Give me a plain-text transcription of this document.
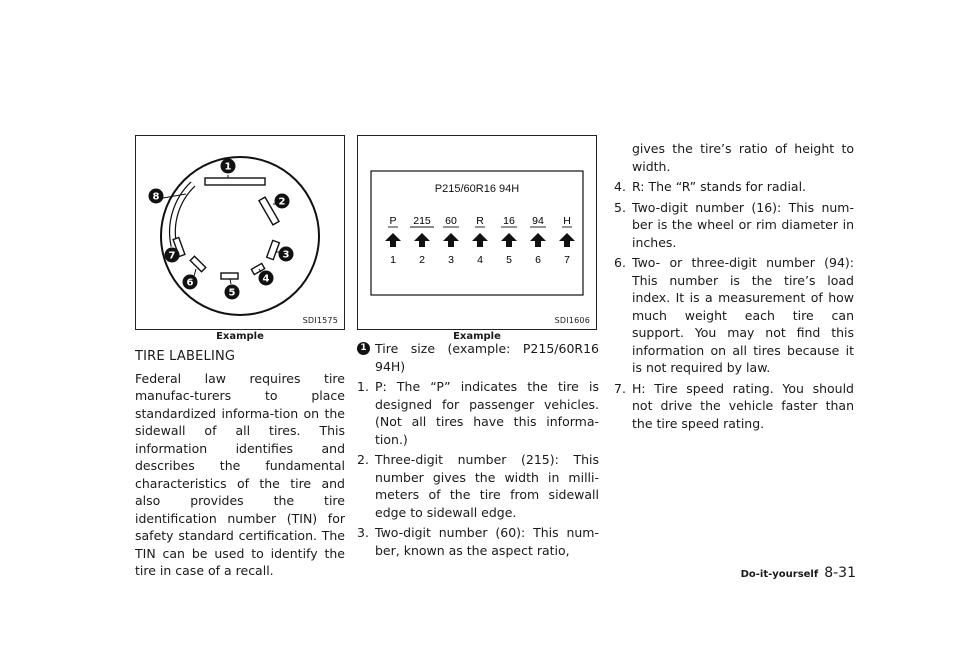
1
2
3
4
5
6
7
8
SDI1575
Example
P215/60R16 94H
P
1
215
2
60
3
R
4
16
5
94
6
H
7
SDI1606
Example
TIRE LABELING

Federal law requires tire manufac-turers to place standardized informa-tion on the sidewall of all tires. This information identifies and describes the fundamental characteristics of the tire and also provides the tire identification number (TIN) for safety standard certification. The TIN can be used to identify the tire in case of a recall.

1 Tire size (example: P215/60R16 94H)
1. P: The “P” indicates the tire is designed for passenger vehicles. (Not all tires have this informa-tion.)
2. Three-digit number (215): This number gives the width in milli-meters of the tire from sidewall edge to sidewall edge.
3. Two-digit number (60): This num-ber, known as the aspect ratio,

gives the tire’s ratio of height to width.

4. R: The “R” stands for radial.
5. Two-digit number (16): This num-ber is the wheel or rim diameter in inches.
6. Two- or three-digit number (94): This number is the tire’s load index. It is a measurement of how much weight each tire can support. You may not find this information on all tires because it is not required by law.
7. H: Tire speed rating. You should not drive the vehicle faster than the tire speed rating.
Do-it-yourself 8-31
